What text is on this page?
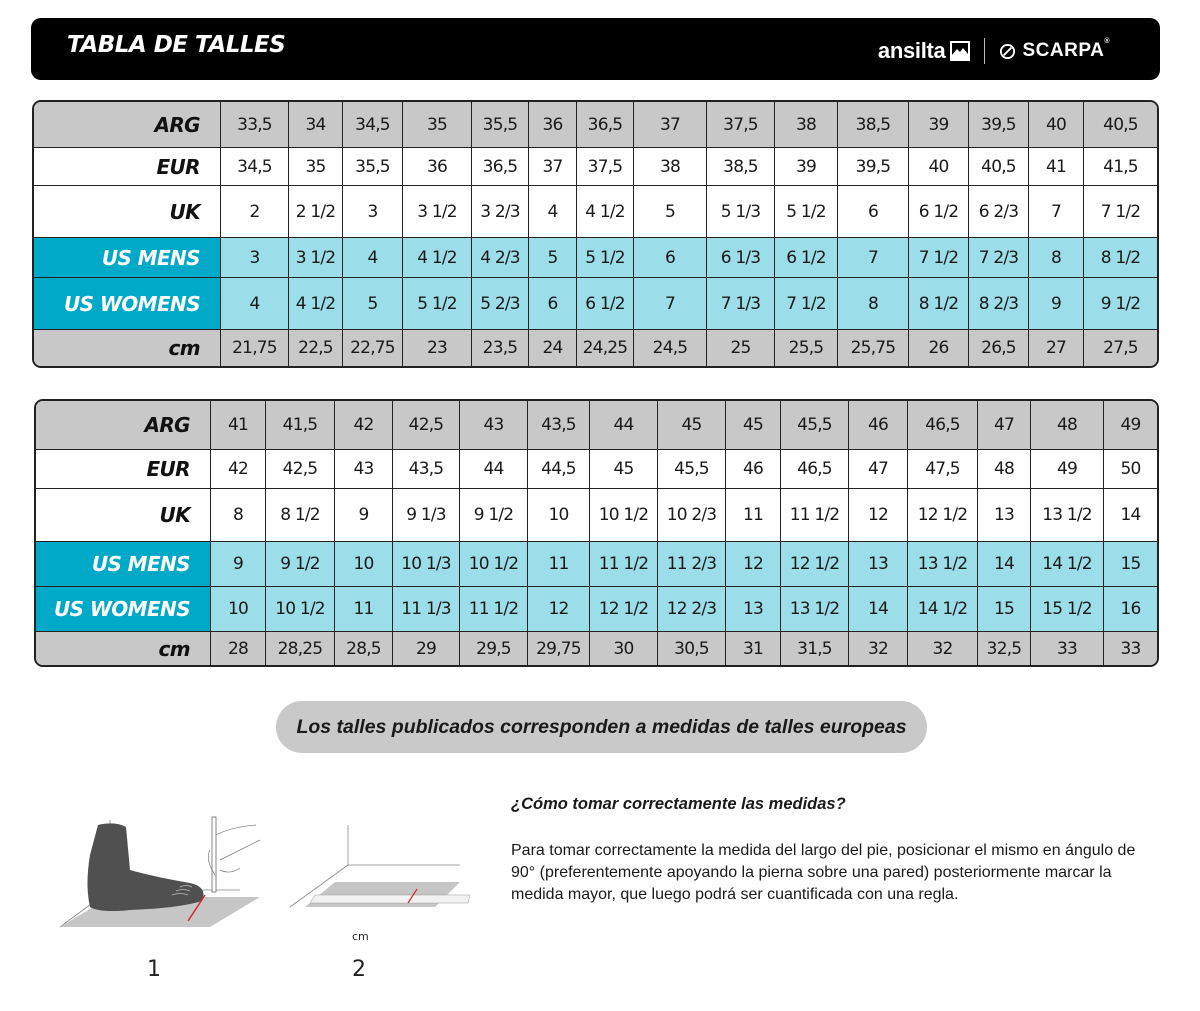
TABLA DE TALLES	ansilta	SCARPA®
ARG	33,5	34	34,5	35	35,5	36	36,5	37	37,5	38	38,5	39	39,5	40	40,5
EUR	34,5	35	35,5	36	36,5	37	37,5	38	38,5	39	39,5	40	40,5	41	41,5
UK	2	2 1/2	3	3 1/2	3 2/3	4	4 1/2	5	5 1/3	5 1/2	6	6 1/2	6 2/3	7	7 1/2
US MENS	3	3 1/2	4	4 1/2	4 2/3	5	5 1/2	6	6 1/3	6 1/2	7	7 1/2	7 2/3	8	8 1/2
US WOMENS	4	4 1/2	5	5 1/2	5 2/3	6	6 1/2	7	7 1/3	7 1/2	8	8 1/2	8 2/3	9	9 1/2
cm	21,75	22,5	22,75	23	23,5	24	24,25	24,5	25	25,5	25,75	26	26,5	27	27,5
ARG	41	41,5	42	42,5	43	43,5	44	45	45	45,5	46	46,5	47	48	49
EUR	42	42,5	43	43,5	44	44,5	45	45,5	46	46,5	47	47,5	48	49	50
UK	8	8 1/2	9	9 1/3	9 1/2	10	10 1/2	10 2/3	11	11 1/2	12	12 1/2	13	13 1/2	14
US MENS	9	9 1/2	10	10 1/3	10 1/2	11	11 1/2	11 2/3	12	12 1/2	13	13 1/2	14	14 1/2	15
US WOMENS	10	10 1/2	11	11 1/3	11 1/2	12	12 1/2	12 2/3	13	13 1/2	14	14 1/2	15	15 1/2	16
cm	28	28,25	28,5	29	29,5	29,75	30	30,5	31	31,5	32	32	32,5	33	33
Los talles publicados corresponden a medidas de talles europeas
cm
1	2
¿Cómo tomar correctamente las medidas?
Para tomar correctamente la medida del largo del pie, posicionar el mismo en ángulo de 90° (preferentemente apoyando la pierna sobre una pared) posteriormente marcar la medida mayor, que luego podrá ser cuantificada con una regla.
